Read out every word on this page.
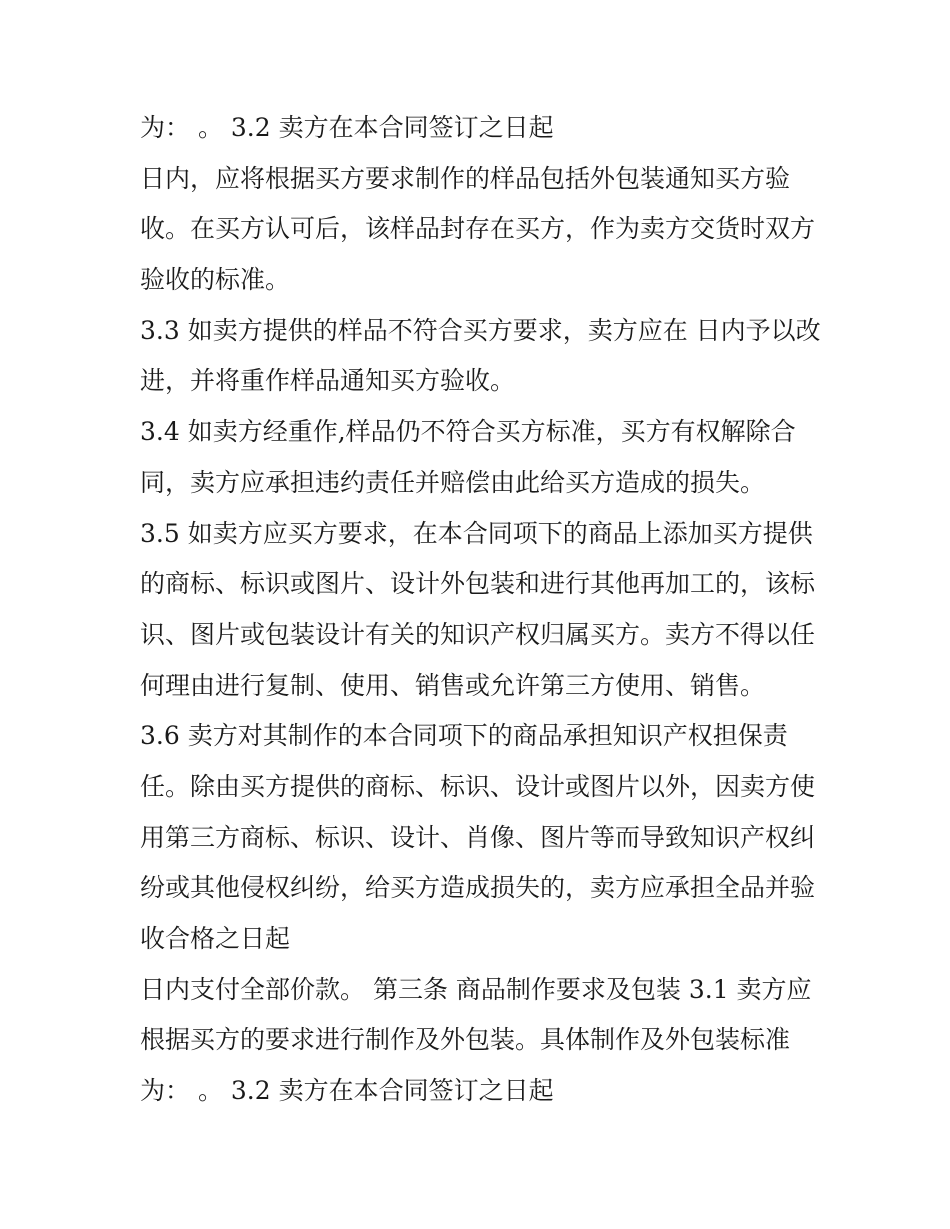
为： 。 3.2 卖方在本合同签订之日起
日内，应将根据买方要求制作的样品包括外包装通知买方验
收。在买方认可后，该样品封存在买方，作为卖方交货时双方
验收的标准。
3.3 如卖方提供的样品不符合买方要求，卖方应在 日内予以改
进，并将重作样品通知买方验收。
3.4 如卖方经重作,样品仍不符合买方标准，买方有权解除合
同，卖方应承担违约责任并赔偿由此给买方造成的损失。
3.5 如卖方应买方要求，在本合同项下的商品上添加买方提供
的商标、标识或图片、设计外包装和进行其他再加工的，该标
识、图片或包装设计有关的知识产权归属买方。卖方不得以任
何理由进行复制、使用、销售或允许第三方使用、销售。
3.6 卖方对其制作的本合同项下的商品承担知识产权担保责
任。除由买方提供的商标、标识、设计或图片以外，因卖方使
用第三方商标、标识、设计、肖像、图片等而导致知识产权纠
纷或其他侵权纠纷，给买方造成损失的，卖方应承担全品并验
收合格之日起
日内支付全部价款。 第三条 商品制作要求及包装 3.1 卖方应
根据买方的要求进行制作及外包装。具体制作及外包装标准
为： 。 3.2 卖方在本合同签订之日起
